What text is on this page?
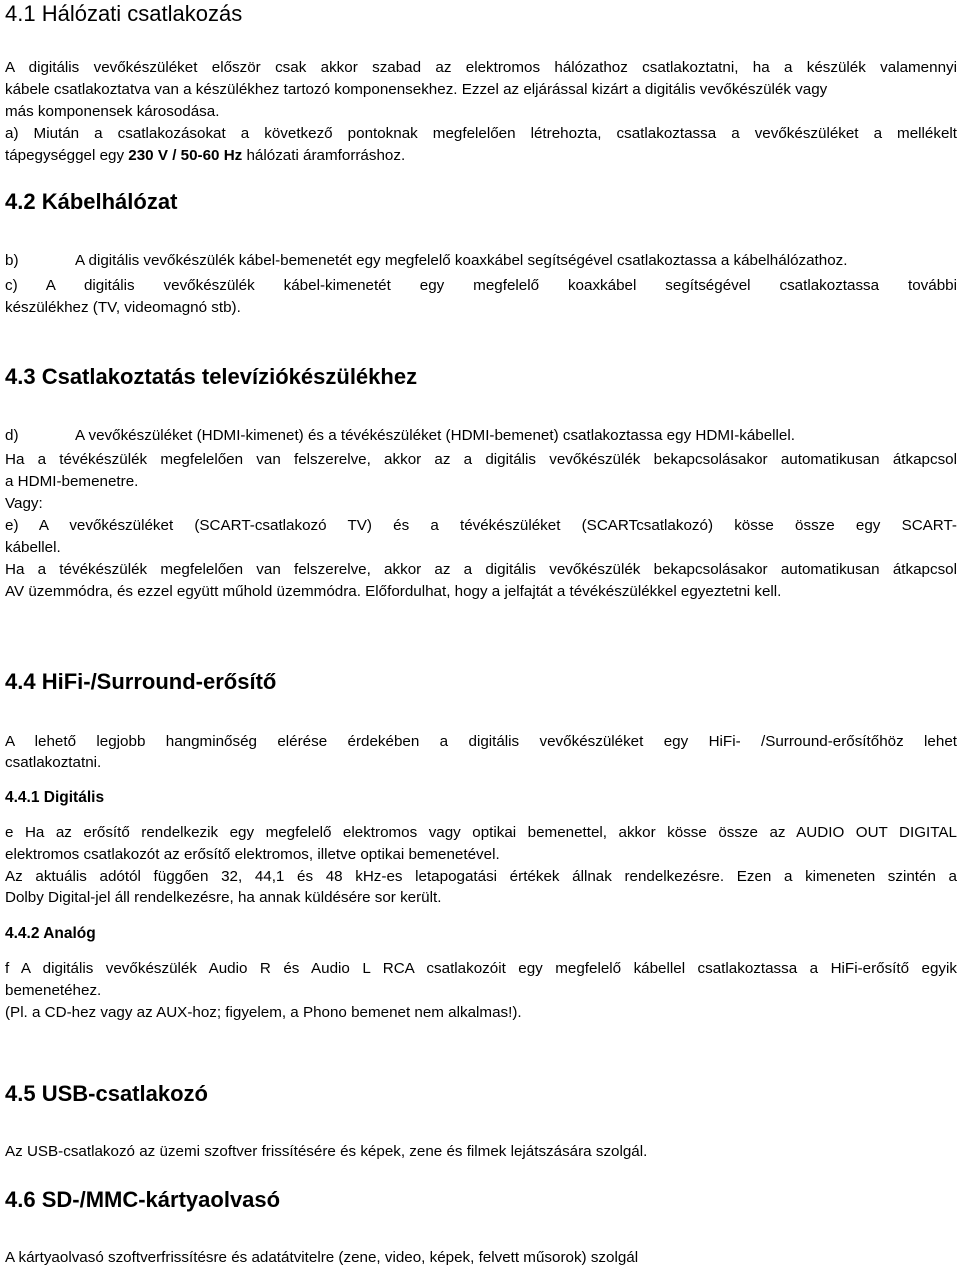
4.1 Hálózati csatlakozás

A digitális vevőkészüléket először csak akkor szabad az elektromos hálózathoz csatlakoztatni, ha a készülék valamennyi

kábele csatlakoztatva van a készülékhez tartozó komponensekhez. Ezzel az eljárással kizárt a digitális vevőkészülék vagy

más komponensek károsodása.

a) Miután a csatlakozásokat a következő pontoknak megfelelően létrehozta, csatlakoztassa a vevőkészüléket a mellékelt

tápegységgel egy 230 V / 50-60 Hz hálózati áramforráshoz.

4.2 Kábelhálózat

b)	A digitális vevőkészülék kábel-bemenetét egy megfelelő koaxkábel segítségével csatlakoztassa a kábelhálózathoz.

c) A digitális vevőkészülék kábel-kimenetét egy megfelelő koaxkábel segítségével csatlakoztassa további

készülékhez (TV, videomagnó stb).

4.3 Csatlakoztatás televíziókészülékhez

d)	A vevőkészüléket (HDMI-kimenet) és a tévékészüléket (HDMI-bemenet) csatlakoztassa egy HDMI-kábellel.

Ha a tévékészülék megfelelően van felszerelve, akkor az a digitális vevőkészülék bekapcsolásakor automatikusan átkapcsol

a HDMI-bemenetre.

Vagy:

e) A vevőkészüléket (SCART-csatlakozó TV) és a tévékészüléket (SCARTcsatlakozó) kösse össze egy SCART-

kábellel.

Ha a tévékészülék megfelelően van felszerelve, akkor az a digitális vevőkészülék bekapcsolásakor automatikusan átkapcsol

AV üzemmódra, és ezzel együtt műhold üzemmódra. Előfordulhat, hogy a jelfajtát a tévékészülékkel egyeztetni kell.

4.4 HiFi-/Surround-erősítő

A lehető legjobb hangminőség elérése érdekében a digitális vevőkészüléket egy HiFi- /Surround-erősítőhöz lehet

csatlakoztatni.

4.4.1 Digitális

e Ha az erősítő rendelkezik egy megfelelő elektromos vagy optikai bemenettel, akkor kösse össze az AUDIO OUT DIGITAL

elektromos csatlakozót az erősítő elektromos, illetve optikai bemenetével.

Az aktuális adótól függően 32, 44,1 és 48 kHz-es letapogatási értékek állnak rendelkezésre. Ezen a kimeneten szintén a

Dolby Digital-jel áll rendelkezésre, ha annak küldésére sor került.

4.4.2 Analóg

f A digitális vevőkészülék Audio R és Audio L RCA csatlakozóit egy megfelelő kábellel csatlakoztassa a HiFi-erősítő egyik

bemenetéhez.

(Pl. a CD-hez vagy az AUX-hoz; figyelem, a Phono bemenet nem alkalmas!).

4.5 USB-csatlakozó

Az USB-csatlakozó az üzemi szoftver frissítésére és képek, zene és filmek lejátszására szolgál.

4.6 SD-/MMC-kártyaolvasó

A kártyaolvasó szoftverfrissítésre és adatátvitelre (zene, video, képek, felvett műsorok) szolgál
